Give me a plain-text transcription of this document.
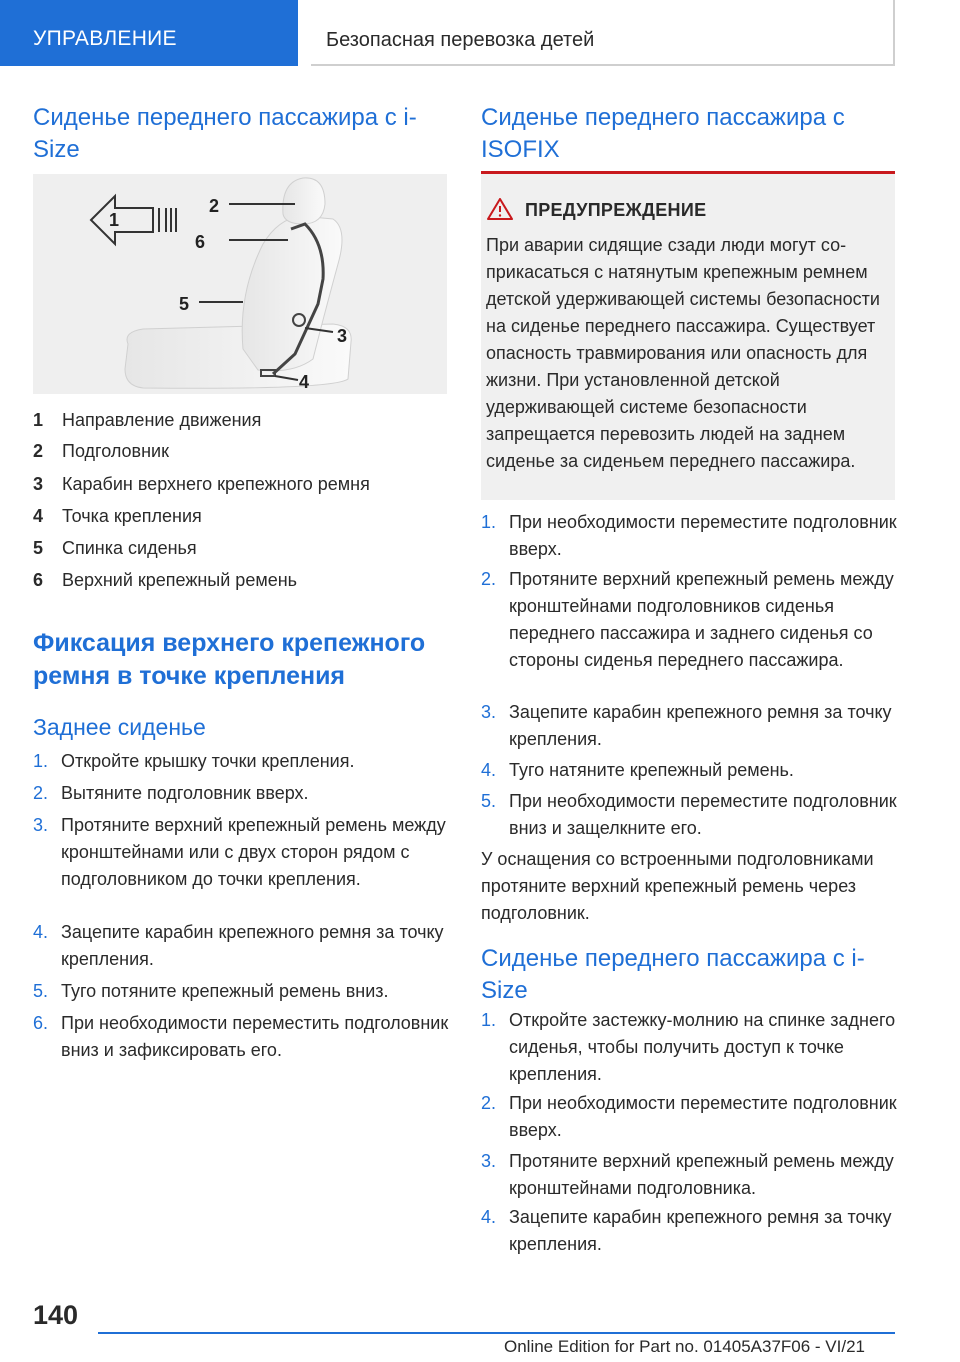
УПРАВЛЕНИЕ	Безопасная перевозка детей
Сиденье переднего пассажира с i-
Size
1
2
3
4
5
6
1	Направление движения
2	Подголовник
3	Карабин верхнего крепежного ремня
4	Точка крепления
5	Спинка сиденья
6	Верхний крепежный ремень
Фиксация верхнего крепежного
ремня в точке крепления
Заднее сиденье
1. Откройте крышку точки крепления.
2. Вытяните подголовник вверх.
3. Протяните верхний крепежный ремень между кронштейнами или с двух сторон рядом с подголовником до точки крепления.
4. Зацепите карабин крепежного ремня за точку крепления.
5. Туго потяните крепежный ремень вниз.
6. При необходимости переместить подголовник вниз и зафиксировать его.
Сиденье переднего пассажира с
ISOFIX
ПРЕДУПРЕЖДЕНИЕ
При аварии сидящие сзади люди могут соприкасаться с натянутым крепежным ремнем детской удерживающей системы безопасности на сиденье переднего пассажира. Существует опасность травмирования или опасность для жизни. При установленной детской удерживающей системе безопасности запрещается перевозить людей на заднем сиденье за сиденьем переднего пассажира.
1. При необходимости переместите подголовник вверх.
2. Протяните верхний крепежный ремень между кронштейнами подголовников сиденья переднего пассажира и заднего сиденья со стороны сиденья переднего пассажира.
3. Зацепите карабин крепежного ремня за точку крепления.
4. Туго натяните крепежный ремень.
5. При необходимости переместите подголовник вниз и защелкните его.
У оснащения со встроенными подголовниками протяните верхний крепежный ремень через подголовник.
Сиденье переднего пассажира с i-
Size
1. Откройте застежку-молнию на спинке заднего сиденья, чтобы получить доступ к точке крепления.
2. При необходимости переместите подголовник вверх.
3. Протяните верхний крепежный ремень между кронштейнами подголовника.
4. Зацепите карабин крепежного ремня за точку крепления.
140
Online Edition for Part no. 01405A37F06 - VI/21
